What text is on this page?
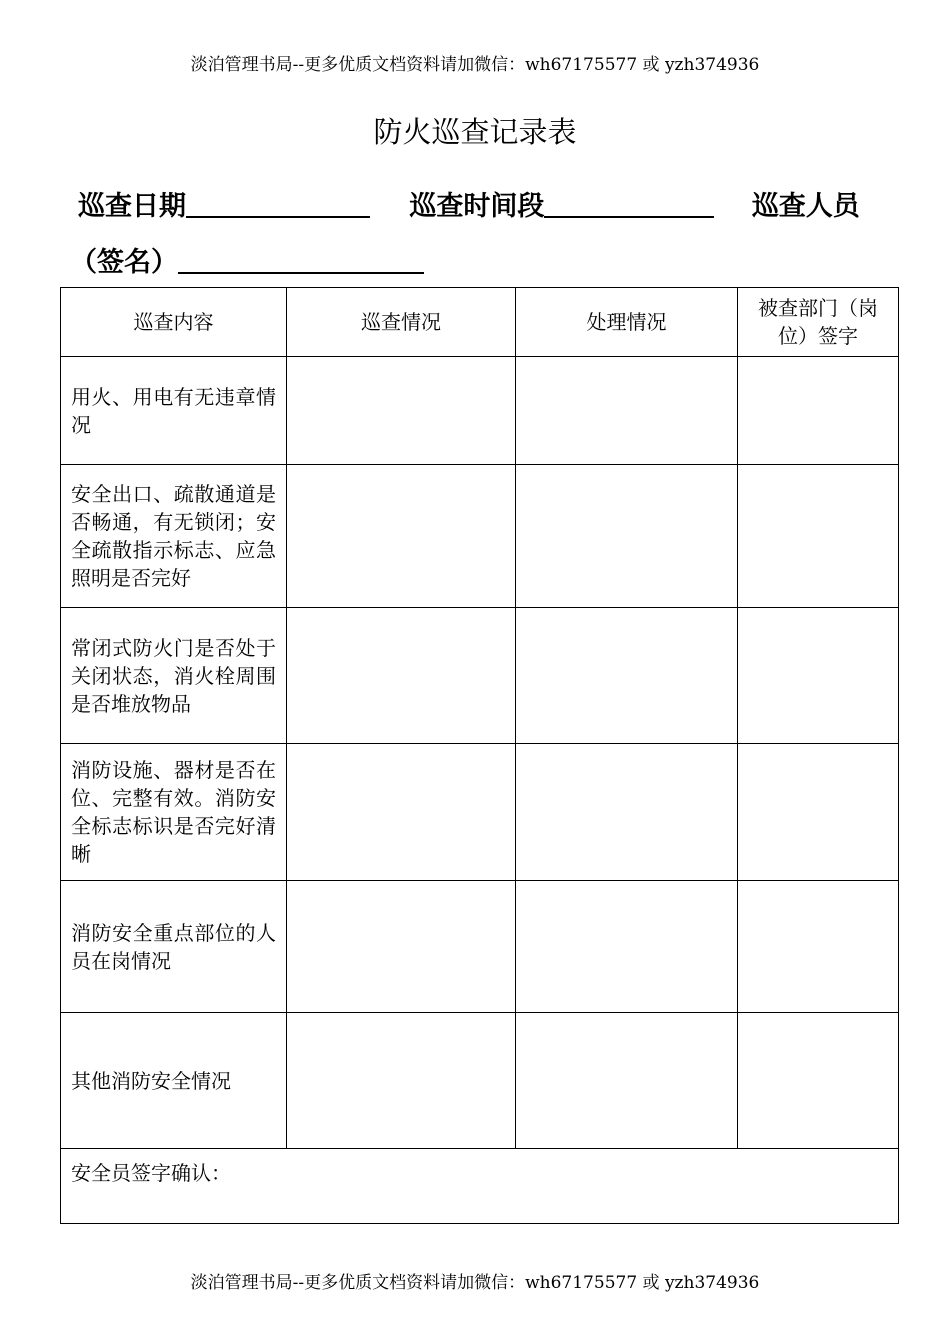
淡泊管理书局--更多优质文档资料请加微信：wh67175577 或 yzh374936
防火巡查记录表
巡查日期	巡查时间段	巡查人员
（签名）
巡查内容	巡查情况	处理情况	被查部门（岗位）签字
用火、用电有无违章情况			
安全出口、疏散通道是否畅通，有无锁闭；安全疏散指示标志、应急照明是否完好			
常闭式防火门是否处于关闭状态，消火栓周围是否堆放物品			
消防设施、器材是否在位、完整有效。消防安全标志标识是否完好清晰			
消防安全重点部位的人员在岗情况			
其他消防安全情况			
安全员签字确认：			
淡泊管理书局--更多优质文档资料请加微信：wh67175577 或 yzh374936
